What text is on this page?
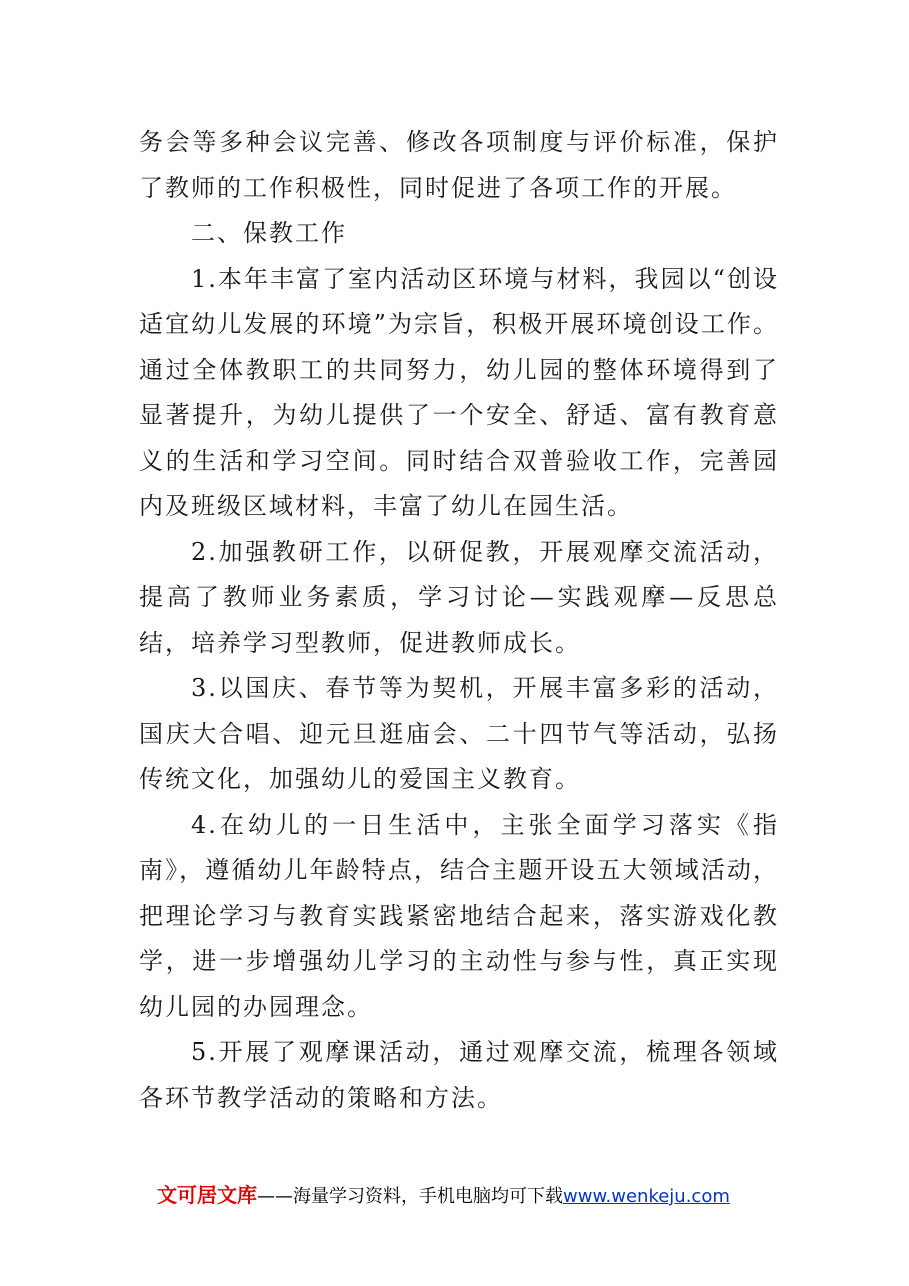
务会等多种会议完善、修改各项制度与评价标准，保护了教师的工作积极性，同时促进了各项工作的开展。

二、保教工作

1.本年丰富了室内活动区环境与材料，我园以“创设适宜幼儿发展的环境”为宗旨，积极开展环境创设工作。通过全体教职工的共同努力，幼儿园的整体环境得到了显著提升，为幼儿提供了一个安全、舒适、富有教育意义的生活和学习空间。同时结合双普验收工作，完善园内及班级区域材料，丰富了幼儿在园生活。

2.加强教研工作，以研促教，开展观摩交流活动，提高了教师业务素质，学习讨论—实践观摩—反思总结，培养学习型教师，促进教师成长。

3.以国庆、春节等为契机，开展丰富多彩的活动，国庆大合唱、迎元旦逛庙会、二十四节气等活动，弘扬传统文化，加强幼儿的爱国主义教育。

4.在幼儿的一日生活中，主张全面学习落实《指南》，遵循幼儿年龄特点，结合主题开设五大领域活动，把理论学习与教育实践紧密地结合起来，落实游戏化教学，进一步增强幼儿学习的主动性与参与性，真正实现幼儿园的办园理念。

5.开展了观摩课活动，通过观摩交流，梳理各领域各环节教学活动的策略和方法。

文可居文库——海量学习资料，手机电脑均可下载www.wenkeju.com
